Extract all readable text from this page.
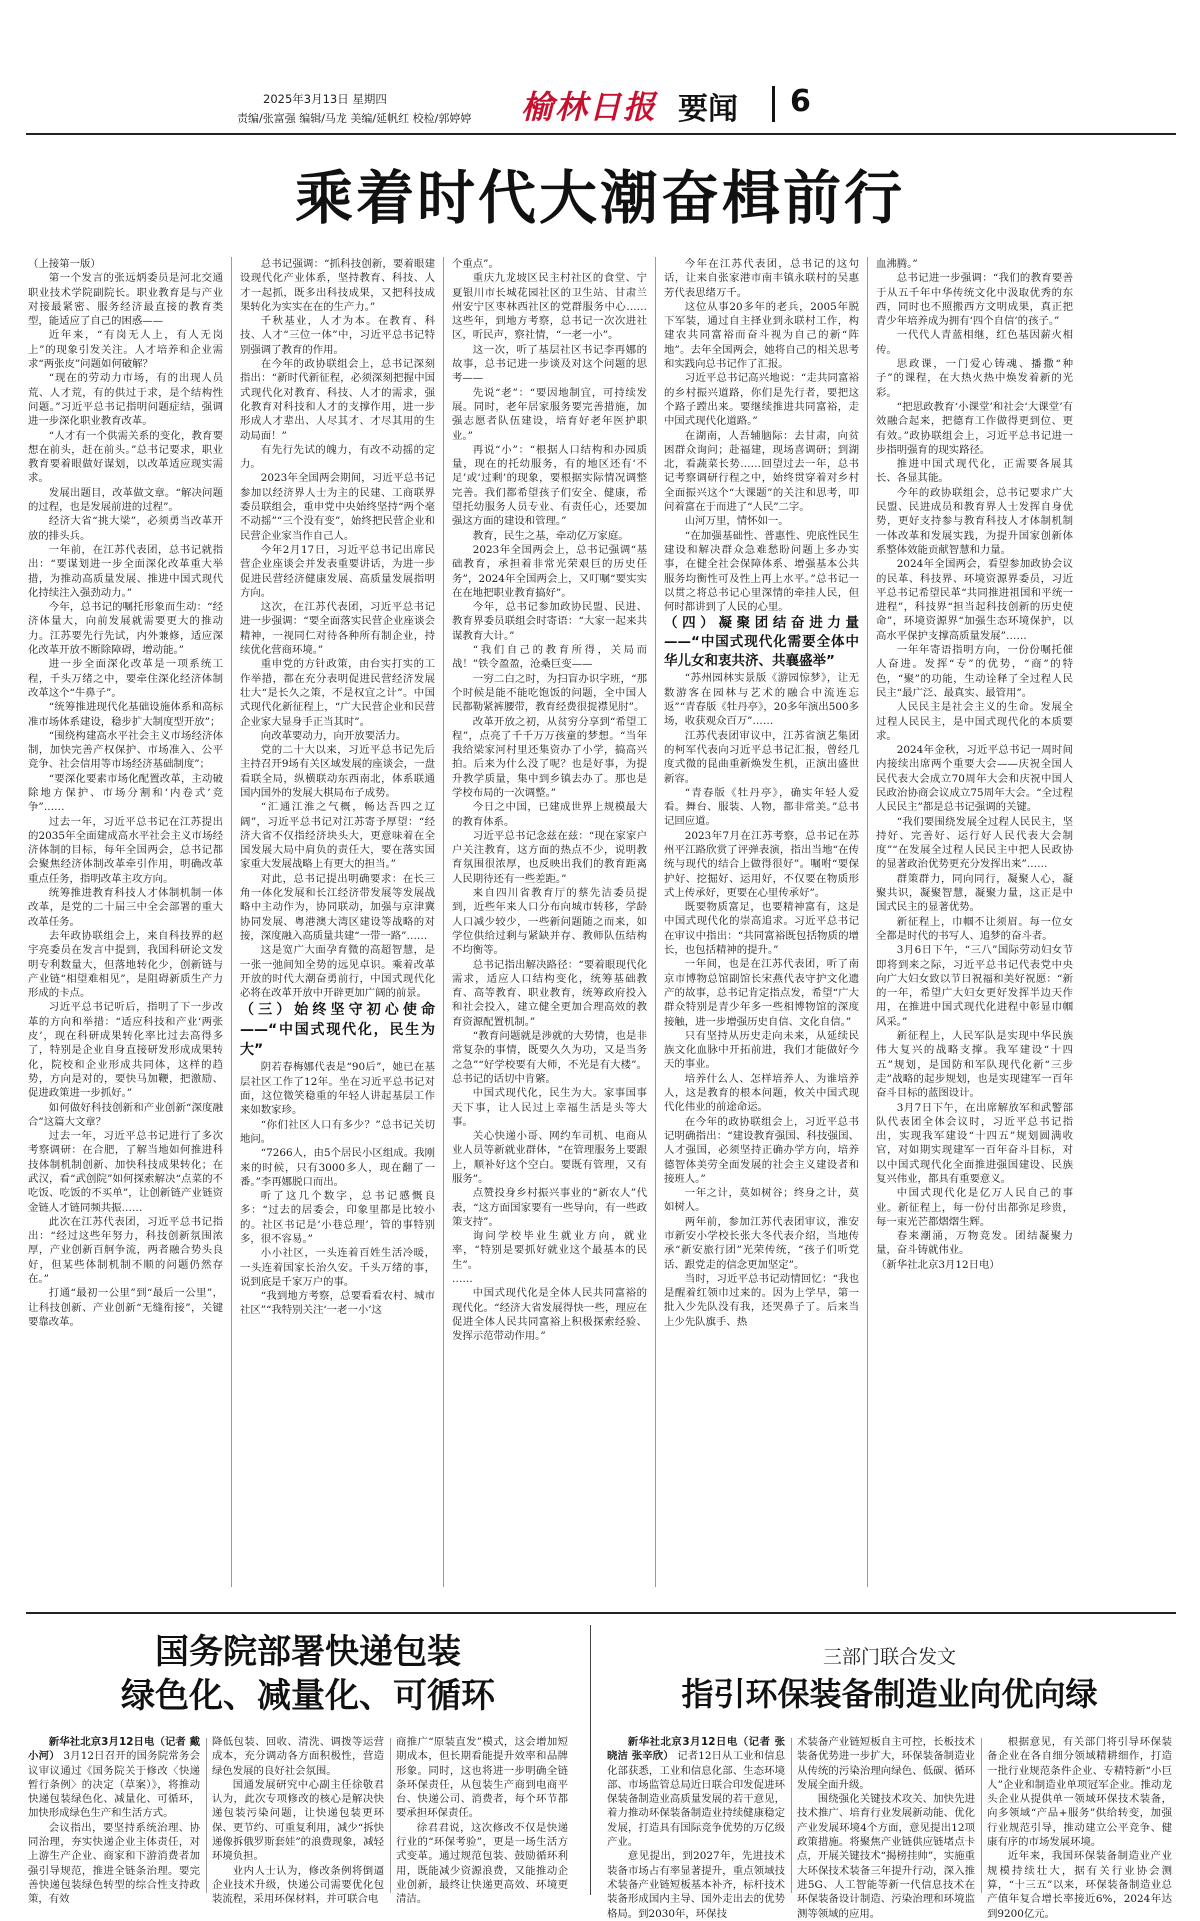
2025年3月13日 星期四
责编/张富强 编辑/马龙 美编/延帆红 校检/郭婷婷 榆林日报 要闻 6
乘着时代大潮奋楫前行

（上接第一版）

第一个发言的张远炳委员是河北交通职业技术学院副院长。职业教育是与产业对接最紧密、服务经济最直接的教育类型，能适应了自己的困惑——

近年来，“有岗无人上，有人无岗上”的现象引发关注。人才培养和企业需求“两张皮”问题如何破解？

“现在的劳动力市场，有的出现人员荒、人才荒，有的供过于求，是个结构性问题。”习近平总书记指明问题症结，强调进一步深化职业教育改革。

“人才有一个供需关系的变化，教育要想在前头，赶在前头。”总书记要求，职业教育要着眼做好谋划，以改革适应现实需求。

发展出题目，改革做文章。“解决问题的过程，也是发展前进的过程”。

经济大省“挑大梁”，必须勇当改革开放的排头兵。

一年前，在江苏代表团，总书记就指出：“要谋划进一步全面深化改革重大举措，为推动高质量发展、推进中国式现代化持续注入强劲动力。”

今年，总书记的嘱托形象而生动：“经济体量大，向前发展就需要更大的推动力。江苏要先行先试，内外兼修，适应深化改革开放不断除障碍，增动能。”

进一步全面深化改革是一项系统工程，千头万绪之中，要牵住深化经济体制改革这个“牛鼻子”。

“统筹推进现代化基础设施体系和高标准市场体系建设，稳步扩大制度型开放”；

“围绕构建高水平社会主义市场经济体制，加快完善产权保护、市场准入、公平竞争、社会信用等市场经济基础制度”；

“要深化要素市场化配置改革，主动破除地方保护、市场分割和‘内卷式’竞争”……

过去一年，习近平总书记在江苏提出的2035年全面建成高水平社会主义市场经济体制的目标，每年全国两会，总书记都会聚焦经济体制改革牵引作用，明确改革重点任务，指明改革主攻方向。

统筹推进教育科技人才体制机制一体改革，是党的二十届三中全会部署的重大改革任务。

去年政协联组会上，来自科技界的赵宇亮委员在发言中提到，我国科研论文发明专利数量大，但落地转化少，创新链与产业链“相望难相见”，是阻碍新质生产力形成的卡点。

习近平总书记听后，指明了下一步改革的方向和举措：“适应科技和产业‘两张皮’，现在科研成果转化率比过去高得多了，特别是企业自身直接研发形成成果转化，院校和企业形成共同体，这样的趋势，方向是对的，要快马加鞭，把激励、促进政策进一步抓好。”

如何做好科技创新和产业创新“深度融合”这篇大文章？

过去一年，习近平总书记进行了多次考察调研：在合肥，了解当地如何推进科技体制机制创新、加快科技成果转化；在武汉，看“武创院”如何探索解决“点菜的不吃饭、吃饭的不买单”，让创新链产业链资金链人才链同频共振……

此次在江苏代表团，习近平总书记指出：“经过这些年努力，科技创新氛围浓厚，产业创新百舸争流，两者融合势头良好，但某些体制机制不顺的问题仍然存在。”

打通“最初一公里”到“最后一公里”，让科技创新、产业创新“无缝衔接”，关键要靠改革。

总书记强调：“抓科技创新，要着眼建设现代化产业体系，坚持教育、科技、人才一起抓，既多出科技成果，又把科技成果转化为实实在在的生产力。”

千秋基业，人才为本。在教育、科技、人才“三位一体”中，习近平总书记特别强调了教育的作用。

在今年的政协联组会上，总书记深刻指出：“新时代新征程，必须深刻把握中国式现代化对教育、科技、人才的需求，强化教育对科技和人才的支撑作用，进一步形成人才辈出、人尽其才、才尽其用的生动局面！”

有先行先试的魄力，有改不动摇的定力。

2023年全国两会期间，习近平总书记参加以经济界人士为主的民建、工商联界委员联组会，重申党中央始终坚持“两个毫不动摇”“三个没有变”，始终把民营企业和民营企业家当作自己人。

今年2月17日，习近平总书记出席民营企业座谈会并发表重要讲话，为进一步促进民营经济健康发展、高质量发展指明方向。

这次，在江苏代表团，习近平总书记进一步强调：“要全面落实民营企业座谈会精神，一视同仁对待各种所有制企业，持续优化营商环境。”

重申党的方针政策，由台实打实的工作举措，都在充分表明促进民营经济发展壮大“是长久之策，不是权宜之计”。中国式现代化新征程上，“广大民营企业和民营企业家大显身手正当其时”。

向改革要动力，向开放要活力。

党的二十大以来，习近平总书记先后主持召开9场有关区域发展的座谈会，一盘看联全局，纵横联动东西南北，体系联通国内国外的发展大棋局布子成势。

“汇通江淮之气概，畅达吾四之辽阔”，习近平总书记对江苏寄予厚望：“经济大省不仅指经济块头大，更意味着在全国发展大局中肩负的责任大，要在落实国家重大发展战略上有更大的担当。”

对此，总书记提出明确要求：在长三角一体化发展和长江经济带发展等发展战略中主动作为，协同联动，加强与京津冀协同发展、粤港澳大湾区建设等战略的对接，深度融入高质量共建“一带一路”……

这是宽广大面孕育微的高超智慧，是一张一弛间知全势的远见卓识。乘着改革开放的时代大潮奋勇前行，中国式现代化必将在改革开放中开辟更加广阔的前景。

（三）始终坚守初心使命——“中国式现代化，民生为大”

阴若春梅娜代表是“90后”，她已在基层社区工作了12年。坐在习近平总书记对面，这位微笑稳重的年轻人讲起基层工作来如数家珍。

“你们社区人口有多少？”总书记关切地问。

“7266人，由5个居民小区组成。我刚来的时候，只有3000多人，现在翻了一番。”李再娜脱口而出。

听了这几个数字，总书记感慨良多：“过去的居委会，印象里都是比较小的。社区书记是‘小巷总理’，管的事特别多，很不容易。”

小小社区，一头连着百姓生活冷暖，一头连着国家长治久安。千头万绪的事，说到底是千家万户的事。

“我到地方考察，总要看看农村、城市社区”“我特别关注‘一老一小’这

个重点”。

重庆九龙坡区民主村社区的食堂、宁夏银川市长城花园社区的卫生站、甘肃兰州安宁区枣林西社区的党群服务中心……这些年，到地方考察，总书记一次次进社区，听民声，察社情，“一老一小”。

这一次，听了基层社区书记李再娜的故事，总书记进一步谈及对这个问题的思考——

先说“老”：“要因地制宜，可持续发展。同时，老年居家服务要完善措施，加强志愿者队伍建设，培育好老年医护职业。”

再说“小”：“根据人口结构和办园质量，现在的托幼服务，有的地区还有‘不足’或‘过剩’的现象，要根据实际情况调整完善。我们都希望孩子们安全、健康，希望托幼服务人员专业、有责任心，还要加强这方面的建设和管理。”

教育，民生之基，牵动亿万家庭。

2023年全国两会上，总书记强调“基础教育，承担着非常光荣艰巨的历史任务”，2024年全国两会上，又叮嘱“要实实在在地把职业教育搞好”。

今年，总书记参加政协民盟、民进、教育界委员联组会时寄语：“大家一起来共谋教育大计。”

“我们自己的教育所得，关局而战！”铁令盈盈，沧桑巨变——

一穷二白之时，为扫盲办识字班，“那个时候是能不能吃饱饭的问题，全中国人民都勒紧裤腰带，教育经费很捉襟见肘”。

改革开放之初，从贫穷分享到“希望工程”，点亮了千千万万孩童的梦想。“当年我给梁家河村里还集资办了小学，搞高兴拍。后来为什么没了呢？也是好事，为提升教学质量，集中到乡镇去办了。那也是学校布局的一次调整。”

今日之中国，已建成世界上规模最大的教育体系。

习近平总书记念兹在兹：“现在家家户户关注教育，这方面的热点不少，说明教育氛围很浓厚，也反映出我们的教育距离人民期待还有一些差距。”

来自四川省教育厅的蔡先洁委员提到，近些年来人口分布向城市转移，学龄人口减少较少，一些新问题随之而来，如学位供给过剩与紧缺并存、教师队伍结构不均衡等。

总书记指出解决路径：“要着眼现代化需求，适应人口结构变化，统筹基础教育、高等教育、职业教育，统筹政府投入和社会投入，建立健全更加合理高效的教育资源配置机制。”

“教育问题就是涉就的大势情，也是非常复杂的事情，既要久久为功，又是当务之急”“好学校要有大师，不光是有大楼”。总书记的话切中肯綮。

中国式现代化，民生为大。家事国事天下事，让人民过上幸福生活是头等大事。

关心快递小哥、网约车司机、电商从业人员等新就业群体，“在管理服务上要跟上，顺补好这个空白。要既有管理，又有服务”。

点赞投身乡村振兴事业的“新农人”代表，“这方面国家要有一些导向，有一些政策支持”。

询问学校毕业生就业方向，就业率，“特别是要抓好就业这个最基本的民生”。

……

中国式现代化是全体人民共同富裕的现代化。“经济大省发展得快一些，理应在促进全体人民共同富裕上积极探索经验、发挥示范带动作用。”

今年在江苏代表团，总书记的这句话，让来自张家港市南丰镇永联村的吴惠芳代表思绪万千。

这位从事20多年的老兵，2005年脱下军装，通过自主择业到永联村工作，构建农共同富裕而奋斗视为自己的新“阵地”。去年全国两会，她将自己的相关思考和实践向总书记作了汇报。

习近平总书记高兴地说：“走共同富裕的乡村振兴道路，你们是先行者，要把这个路子蹚出来。要继续推进共同富裕，走中国式现代化道路。”

在湖南，人吾辅脑际：去甘肃，向贫困群众询问；赴福建，现场喜调研；到湖北，看蔬菜长势……回望过去一年，总书记考察调研行程之中，始终贯穿着对乡村全面振兴这个“大课题”的关注和思考，叩问着富在于而进了“人民”二字。

山河万里，情怀如一。

“在加强基础性、普惠性、兜底性民生建设和解决群众急难愁盼问题上多办实事，在健全社会保障体系、增强基本公共服务均衡性可及性上再上水平。”总书记一以贯之将总书记心里深情的牵挂人民，但何时都讲到了人民的心里。

（四）凝聚团结奋进力量——“中国式现代化需要全体中华儿女和衷共济、共襄盛举”

“苏州园林实景版《游园惊梦》，让无数游客在园林与艺术的融合中流连忘返”“青春版《牡丹亭》，20多年演出500多场，收获观众百万”……

江苏代表团审议中，江苏省演艺集团的柯军代表向习近平总书记汇报，曾经几度式微的昆曲重新焕发生机，正演出盛世新容。

“青春版《牡丹亭》，确实年轻人爱看。舞台、服装、人物，都非常美。”总书记回应道。

2023年7月在江苏考察，总书记在苏州平江路欣赏了评弹表演，指出当地“在传统与现代的结合上做得很好”。嘱咐“要保护好、挖掘好、运用好，不仅要在物质形式上传承好，更要在心里传承好”。

既要物质富足，也要精神富有，这是中国式现代化的崇高追求。习近平总书记在审议中指出：“共同富裕既包括物质的增长，也包括精神的提升。”

一年间，也是在江苏代表团，听了南京市博物总馆副馆长宋燕代表守护文化遗产的故事，总书记肯定指点发，希望“广大群众特别是青少年多一些相博物馆的深度接触，进一步增强历史自信、文化自信。”

只有坚持从历史走向未来，从延续民族文化血脉中开拓前进，我们才能做好今天的事业。

培养什么人、怎样培养人、为谁培养人，这是教育的根本问题，攸关中国式现代化伟业的前途命运。

在今年的政协联组会上，习近平总书记明确指出：“建设教育强国、科技强国、人才强国，必须坚持正确办学方向，培养德智体美劳全面发展的社会主义建设者和接班人。”

一年之计，莫如树谷；终身之计，莫如树人。

两年前，参加江苏代表团审议，淮安市新安小学校长张大冬代表介绍，当地传承“新安旅行团”光荣传统，“孩子们听党话、跟党走的信念更加坚定”。

当时，习近平总书记动情回忆：“我也是醒着红领巾过来的。因为上学早，第一批入少先队没有我，还哭鼻子了。后来当上少先队旗手、热

血沸腾。”

总书记进一步强调：“我们的教育要善于从五千年中华传统文化中汲取优秀的东西，同时也不照搬西方文明成果，真正把青少年培养成为拥有‘四个自信’的孩子。”

一代代人青蓝相继，红色基因薪火相传。

思政课，一门爱心铸魂、播撒“种子”的课程，在大热火热中焕发着新的光彩。

“把思政教育‘小课堂’和社会‘大课堂’有效融合起来，把德育工作做得更到位、更有效。”政协联组会上，习近平总书记进一步指明强育的现实路径。

推进中国式现代化，正需要各展其长、各显其能。

今年的政协联组会，总书记要求广大民盟、民进成员和教育界人士发挥自身优势，更好支持参与教育科技人才体制机制一体改革和发展实践，为提升国家创新体系整体效能贡献智慧和力量。

2024年全国两会，看望参加政协会议的民革、科技界、环境资源界委员，习近平总书记希望民革“共同推进祖国和平统一进程”，科技界“担当起科技创新的历史使命”，环境资源界“加强生态环境保护，以高水平保护支撑高质量发展”……

一年年寄语指明方向，一份份嘱托催人奋进。发挥“专”的优势，“商”的特色，“聚”的功能，生动诠释了全过程人民民主“最广泛、最真实、最管用”。

人民民主是社会主义的生命。发展全过程人民民主，是中国式现代化的本质要求。

2024年金秋，习近平总书记一周时间内接续出席两个重要大会——庆祝全国人民代表大会成立70周年大会和庆祝中国人民政治协商会议成立75周年大会。“全过程人民民主”都是总书记强调的关键。

“我们要围绕发展全过程人民民主，坚持好、完善好、运行好人民代表大会制度”“在发展全过程人民民主中把人民政协的显著政治优势更充分发挥出来”……

群策群力，同向同行，凝聚人心，凝聚共识，凝聚智慧，凝聚力量，这正是中国式民主的显著优势。

新征程上，巾帼不让须眉。每一位女全都是时代的书写人、追梦的奋斗者。

3月6日下午，“三八”国际劳动妇女节即将到来之际，习近平总书记代表党中央向广大妇女致以节日祝福和美好祝愿：“新的一年，希望广大妇女更好发挥半边天作用，在推进中国式现代化进程中彰显巾帼风采。”

新征程上，人民军队是实现中华民族伟大复兴的战略支撑。我军建设“十四五”规划，是国防和军队现代化新“三步走”战略的起步规划，也是实现建军一百年奋斗目标的蓝图设计。

3月7日下午，在出席解放军和武警部队代表团全体会议时，习近平总书记指出，实现我军建设“十四五”规划圆满收官，对如期实现建军一百年奋斗目标，对以中国式现代化全面推进强国建设、民族复兴伟业，都具有重要意义。

中国式现代化是亿万人民自己的事业。新征程上，每一份付出都弥足珍贵，每一束光芒都熠熠生辉。

春来潮涌，万物竞发。团结凝聚力量，奋斗铸就伟业。

（新华社北京3月12日电）

国务院部署快递包装
绿色化、减量化、可循环

新华社北京3月12日电（记者 戴小河） 3月12日召开的国务院常务会议审议通过《国务院关于修改〈快递暂行条例〉的决定（草案）》，将推动快递包装绿色化、减量化、可循环，加快形成绿色生产和生活方式。

会议指出，要坚持系统治理、协同治理，夯实快递企业主体责任，对上游生产企业、商家和下游消费者加强引导规范，推进全链条治理。要完善快递包装绿色转型的综合性支持政策，有效

降低包装、回收、清洗、调拨等运营成本，充分调动各方面积极性，营造绿色发展的良好社会氛围。

国通发展研究中心副主任徐敬君认为，此次专项修改的核心是解决快递包装污染问题，让快递包装更环保、更节约、可重复利用，减少“拆快递像拆俄罗斯套娃”的浪费现象，减轻环境负担。

业内人士认为，修改条例将倒逼企业技术升级，快递公司需要优化包装流程，采用环保材料，并可联合电

商推广“原装直发”模式，这会增加短期成本，但长期看能提升效率和品牌形象。同时，这也将进一步明确全链条环保责任，从包装生产商到电商平台、快递公司、消费者，每个环节都要承担环保责任。

徐君君说，这次修改不仅是快递行业的“环保考验”，更是一场生活方式变革。通过规范包装、鼓励循环利用，既能减少资源浪费，又能推动企业创新，最终让快递更高效、环境更清洁。

三部门联合发文
指引环保装备制造业向优向绿

新华社北京3月12日电（记者 张晓洁 张辛欣） 记者12日从工业和信息化部获悉，工业和信息化部、生态环境部、市场监管总局近日联合印发促进环保装备制造业高质量发展的若干意见，着力推动环保装备制造业持续健康稳定发展，打造具有国际竞争优势的万亿级产业。

意见提出，到2027年，先进技术装备市场占有率显著提升，重点领域技术装备产业链短板基本补齐，标杆技术装备形成国内主导、国外走出去的优势格局。到2030年，环保技

术装备产业链短板自主可控，长板技术装备优势进一步扩大，环保装备制造业从传统的污染治理向绿色、低碳、循环发展全面升级。

围绕强化关键技术攻关、加快先进技术推广、培育行业发展新动能、优化产业发展环境4个方面，意见提出12项政策措施。将聚焦产业链供应链堵点卡点，开展关键技术“揭榜挂帅”，实施重大环保技术装备三年提升行动，深入推进5G、人工智能等新一代信息技术在环保装备设计制造、污染治理和环境监测等领域的应用。

根据意见，有关部门将引导环保装备企业在各自细分领域精耕细作，打造一批行业规范条件企业、专精特新“小巨人”企业和制造业单项冠军企业。推动龙头企业从提供单一领域环保技术装备，向多领域“产品+服务”供给转变，加强行业规范引导，推动建立公平竞争、健康有序的市场发展环境。

近年来，我国环保装备制造业产业规模持续壮大，据有关行业协会测算，“十三五”以来，环保装备制造业总产值年复合增长率接近6%，2024年达到9200亿元。
